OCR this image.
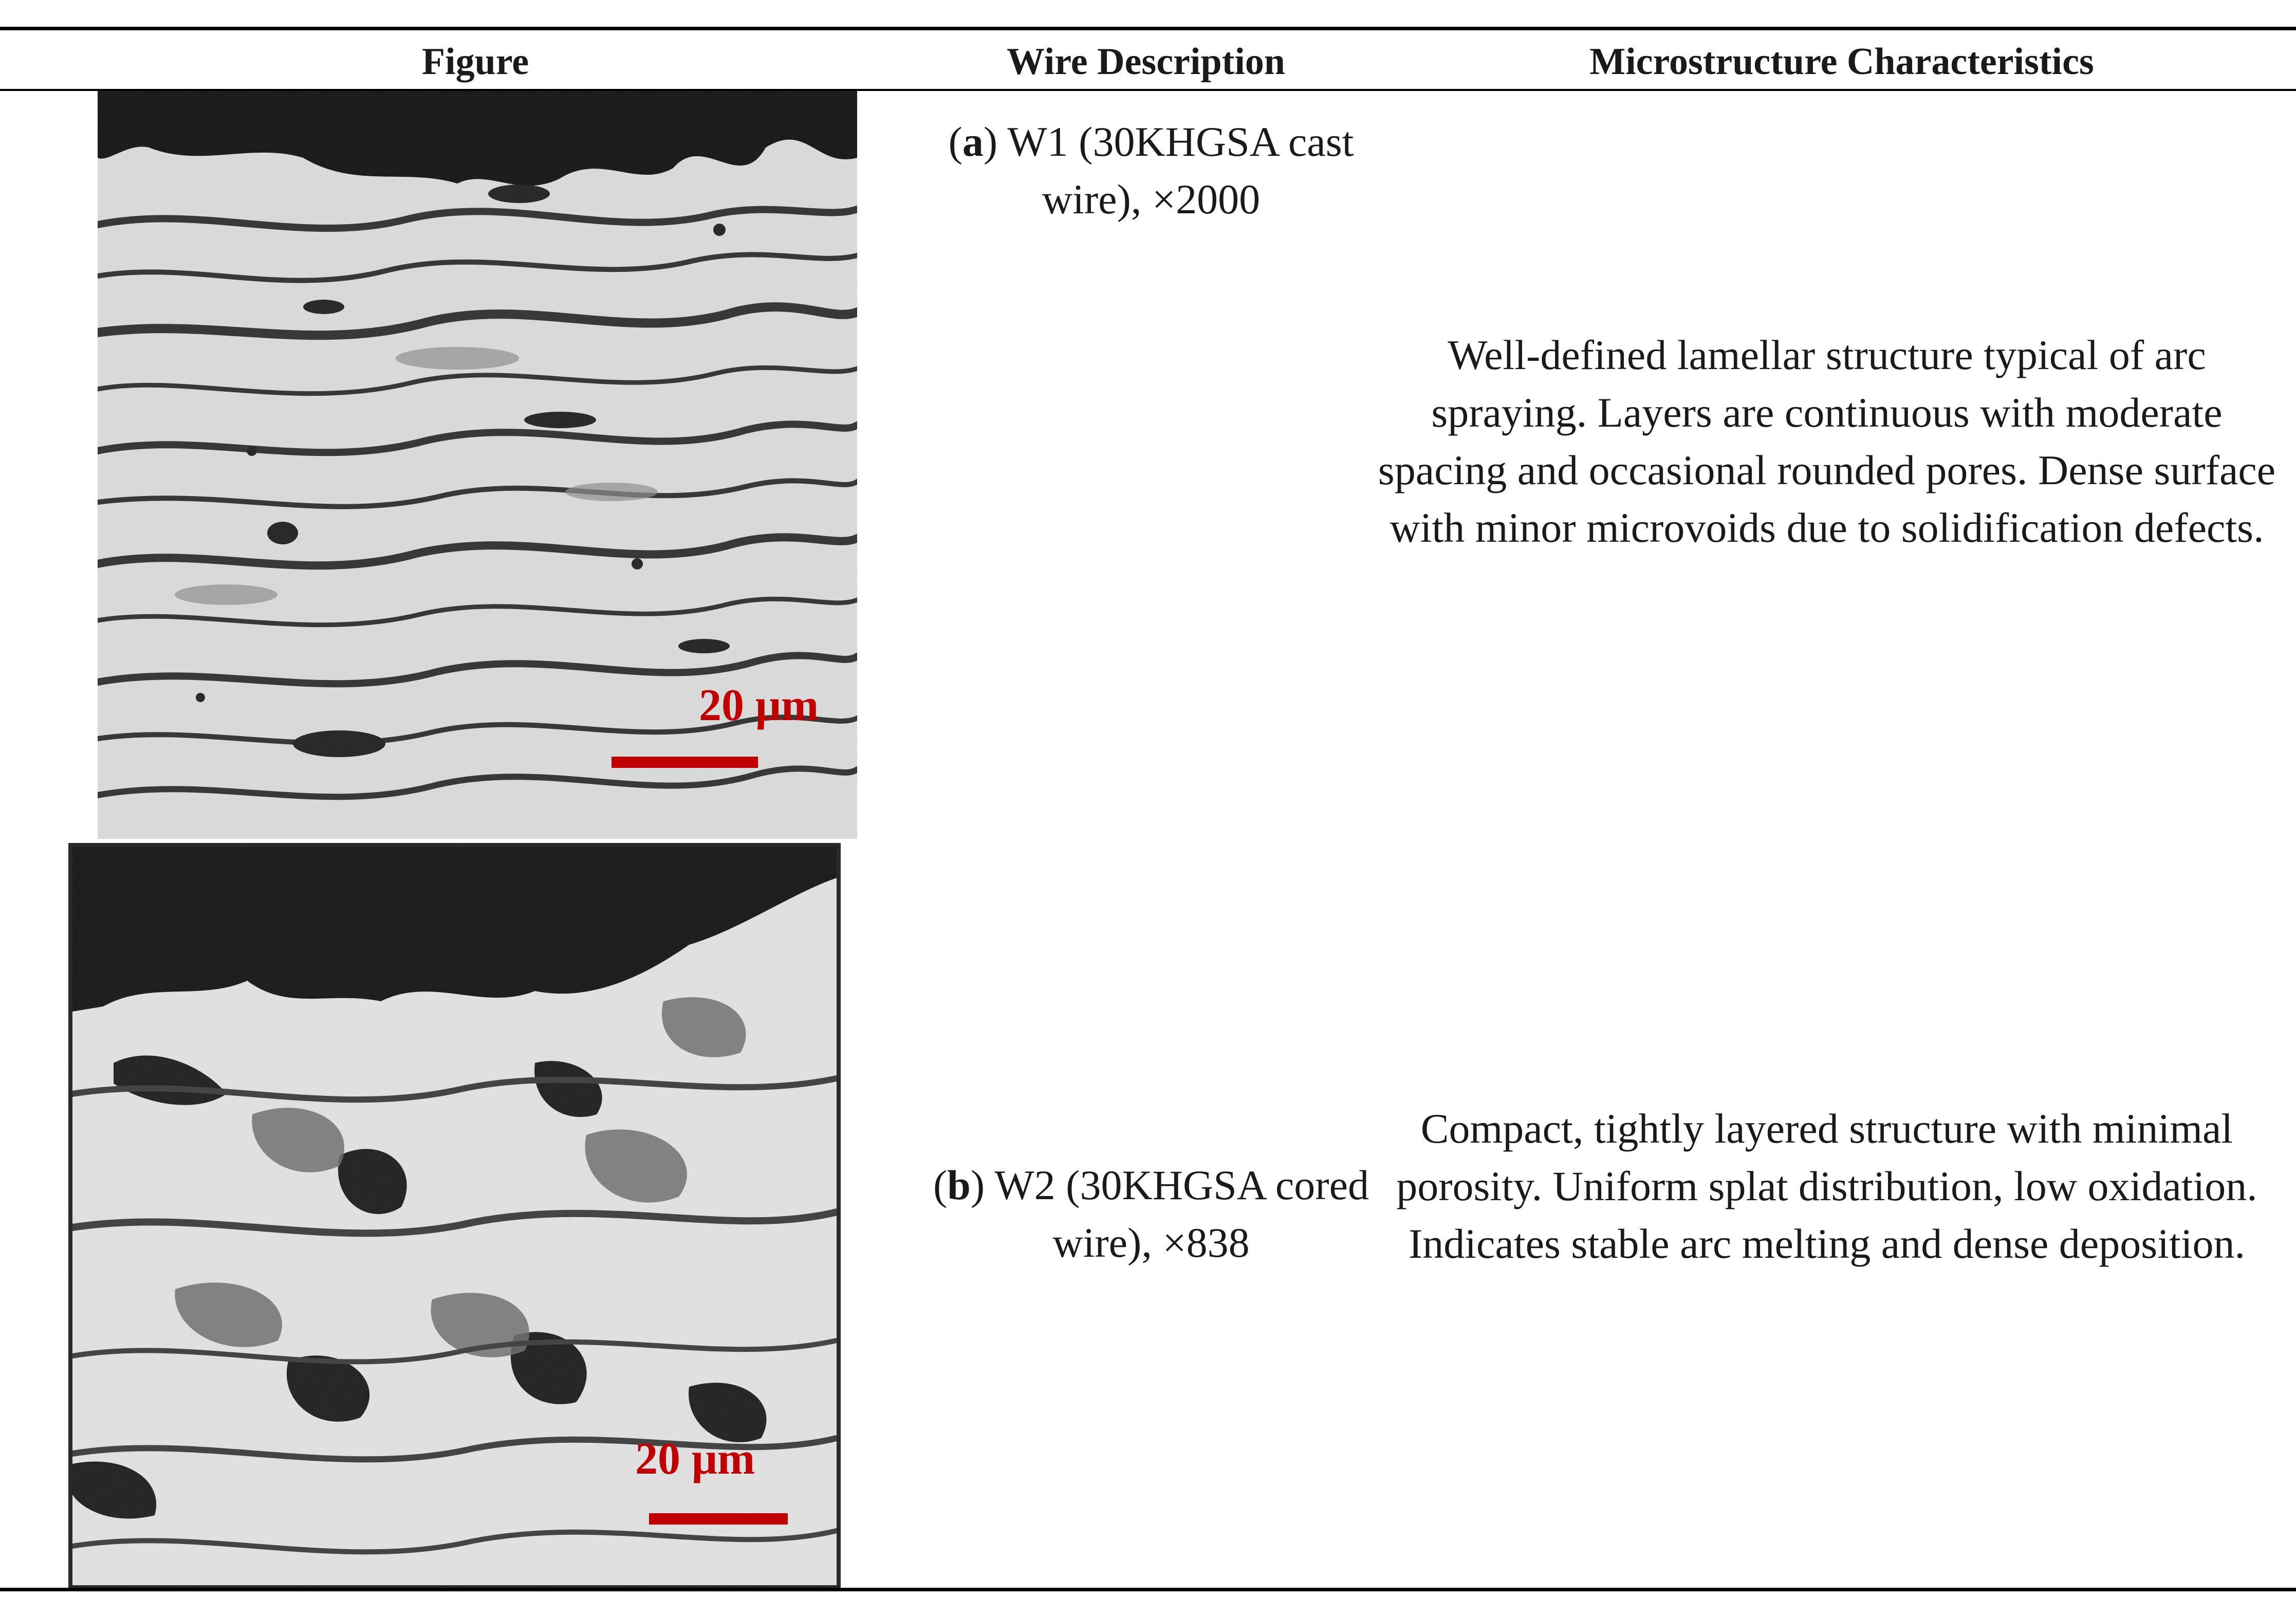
Figure	Wire Description	Microstructure Characteristics
20 μm
(a) W1 (30KHGSA cast wire), ×2000
Well-defined lamellar structure typical of arc spraying. Layers are continuous with moderate spacing and occasional rounded pores. Dense surface with minor microvoids due to solidification defects.
20 μm
(b) W2 (30KHGSA cored wire), ×838
Compact, tightly layered structure with minimal porosity. Uniform splat distribution, low oxidation. Indicates stable arc melting and dense deposition.
